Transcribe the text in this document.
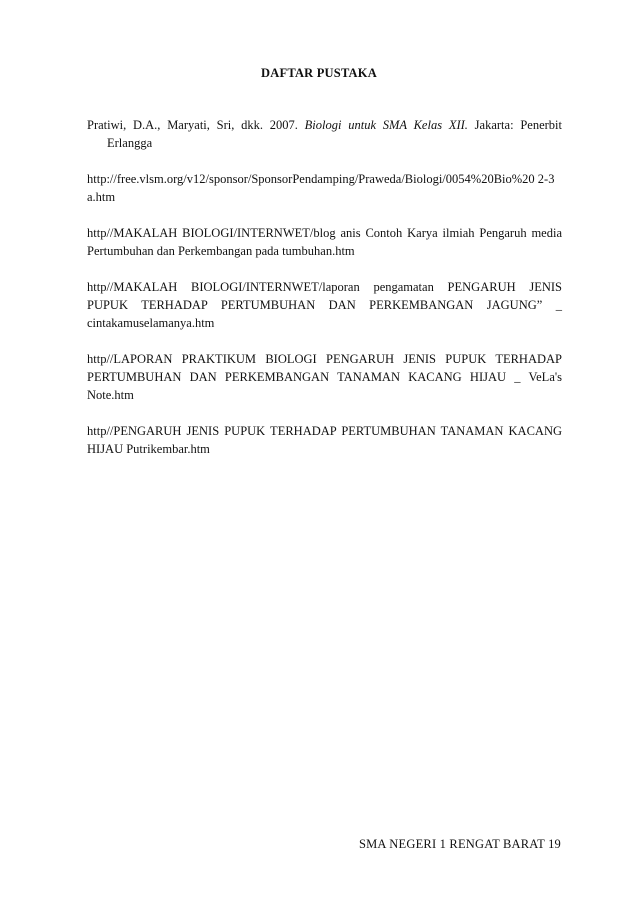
DAFTAR PUSTAKA

Pratiwi, D.A., Maryati, Sri, dkk. 2007. Biologi untuk SMA Kelas XII. Jakarta: Penerbit Erlangga

http://free.vlsm.org/v12/sponsor/SponsorPendamping/Praweda/Biologi/0054%20Bio%20 2-3a.htm

http//MAKALAH BIOLOGI/INTERNWET/blog anis Contoh Karya ilmiah Pengaruh media Pertumbuhan dan Perkembangan pada tumbuhan.htm

http//MAKALAH BIOLOGI/INTERNWET/laporan pengamatan PENGARUH JENIS PUPUK TERHADAP PERTUMBUHAN DAN PERKEMBANGAN JAGUNG” _ cintakamuselamanya.htm

http//LAPORAN PRAKTIKUM BIOLOGI PENGARUH JENIS PUPUK TERHADAP PERTUMBUHAN DAN PERKEMBANGAN TANAMAN KACANG HIJAU _ VeLa's Note.htm

http//PENGARUH JENIS PUPUK TERHADAP PERTUMBUHAN TANAMAN KACANG HIJAU Putrikembar.htm

SMA NEGERI 1 RENGAT BARAT 19
